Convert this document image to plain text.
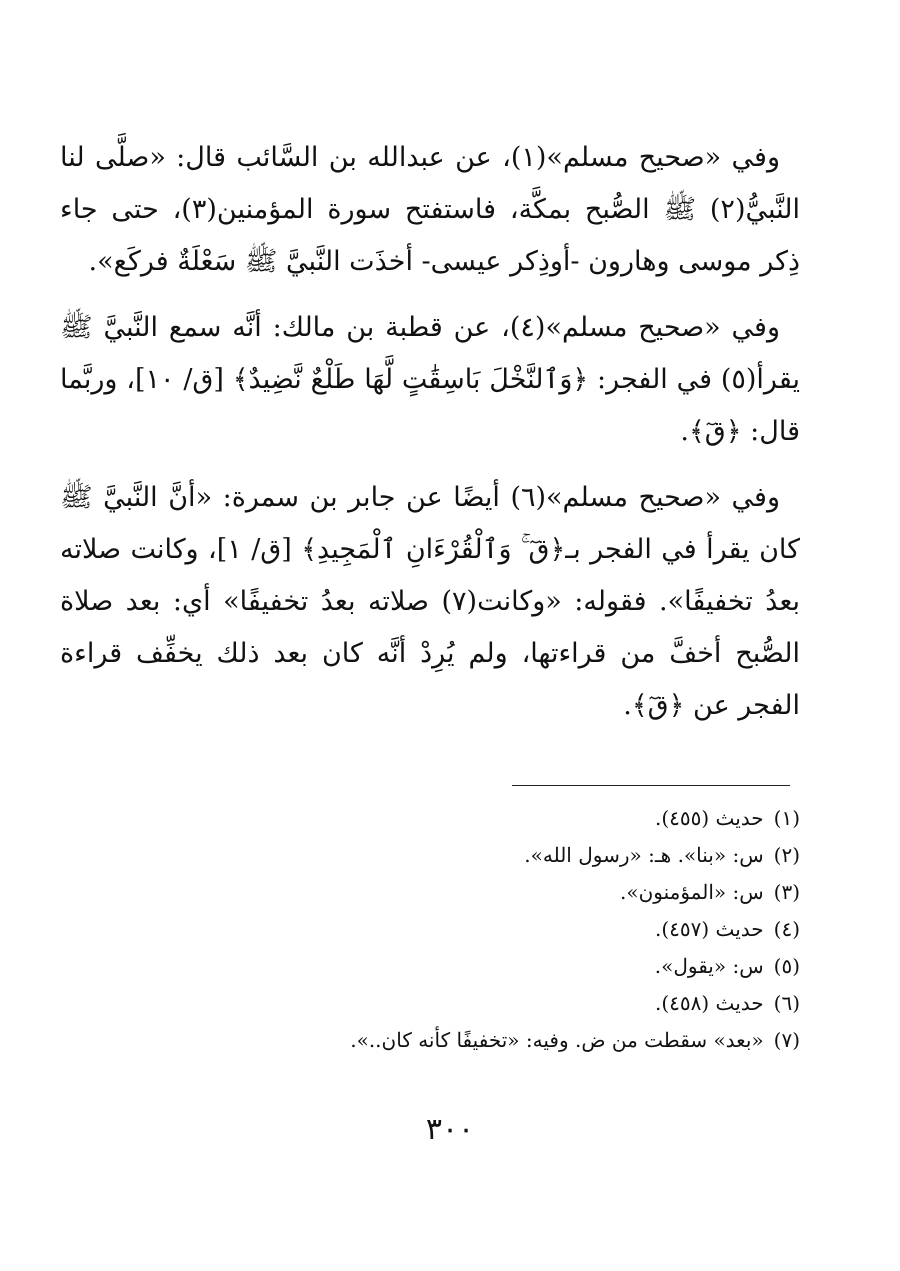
وفي «صحيح مسلم»(١)، عن عبدالله بن السَّائب قال: «صلَّى لنا النَّبيُّ(٢) ﷺ الصُّبح بمكَّة، فاستفتح سورة المؤمنين(٣)، حتى جاء ذِكر موسى وهارون -أوذِكر عيسى- أخذَت النَّبيَّ ﷺ سَعْلَةٌ فركَع».

وفي «صحيح مسلم»(٤)، عن قطبة بن مالك: أنَّه سمع النَّبيَّ ﷺ يقرأ(٥) في الفجر: ﴿وَٱلنَّخْلَ بَاسِقَٰتٍ لَّهَا طَلْعٌ نَّضِيدٌ﴾ [ق/ ١٠]، وربَّما قال: ﴿قٓ﴾.

وفي «صحيح مسلم»(٦) أيضًا عن جابر بن سمرة: «أنَّ النَّبيَّ ﷺ كان يقرأ في الفجر بـ﴿قٓ ۚ وَٱلْقُرْءَانِ ٱلْمَجِيدِ﴾ [ق/ ١]، وكانت صلاته بعدُ تخفيفًا». فقوله: «وكانت(٧) صلاته بعدُ تخفيفًا» أي: بعد صلاة الصُّبح أخفَّ من قراءتها، ولم يُرِدْ أنَّه كان بعد ذلك يخفِّف قراءة الفجر عن ﴿قٓ﴾.

(١)حديث (٤٥٥).
(٢)س: «بنا». هـ: «رسول الله».
(٣)س: «المؤمنون».
(٤)حديث (٤٥٧).
(٥)س: «يقول».
(٦)حديث (٤٥٨).
(٧)«بعد» سقطت من ض. وفيه: «تخفيفًا كأنه كان..».
٣٠٠
